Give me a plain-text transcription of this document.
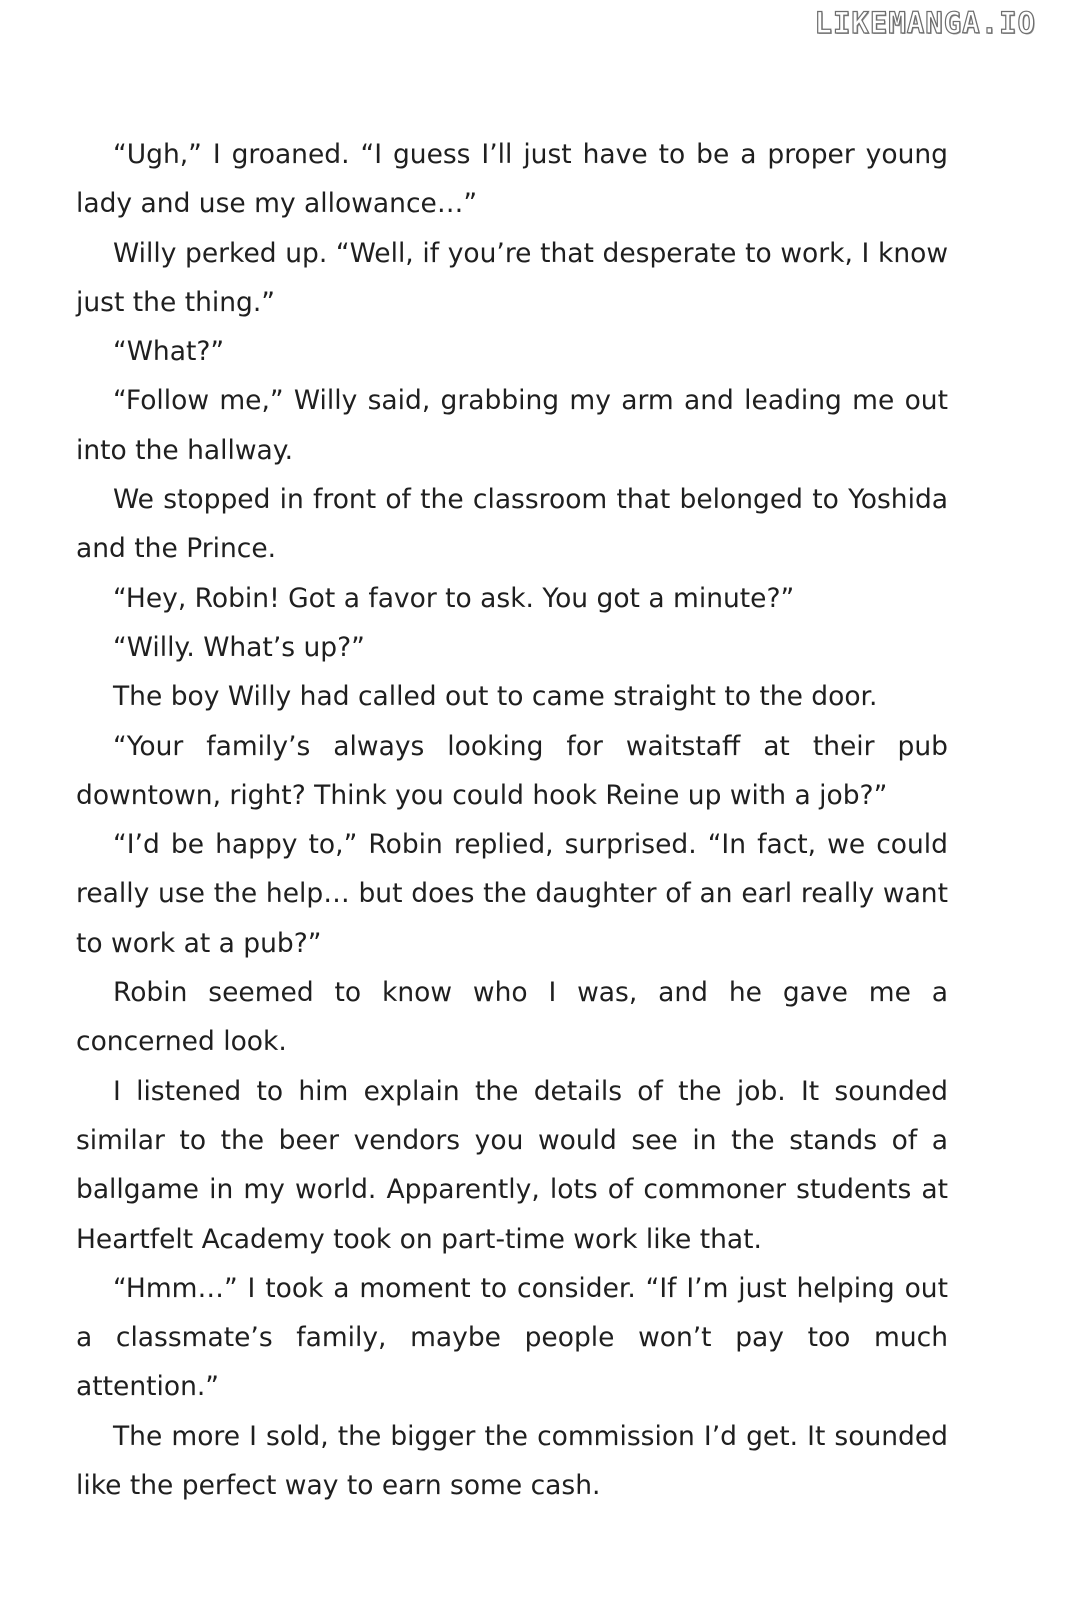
LIKEMANGA.IO

“Ugh,” I groaned. “I guess I’ll just have to be a proper young lady and use my allowance…”

Willy perked up. “Well, if you’re that desperate to work, I know just the thing.”

“What?”

“Follow me,” Willy said, grabbing my arm and leading me out into the hallway.

We stopped in front of the classroom that belonged to Yoshida and the Prince.

“Hey, Robin! Got a favor to ask. You got a minute?”

“Willy. What’s up?”

The boy Willy had called out to came straight to the door.

“Your family’s always looking for waitstaff at their pub downtown, right? Think you could hook Reine up with a job?”

“I’d be happy to,” Robin replied, surprised. “In fact, we could really use the help… but does the daughter of an earl really want to work at a pub?”

Robin seemed to know who I was, and he gave me a concerned look.

I listened to him explain the details of the job. It sounded similar to the beer vendors you would see in the stands of a ballgame in my world. Apparently, lots of commoner students at Heartfelt Academy took on part-time work like that.

“Hmm…” I took a moment to consider. “If I’m just helping out a classmate’s family, maybe people won’t pay too much attention.”

The more I sold, the bigger the commission I’d get. It sounded like the perfect way to earn some cash.
